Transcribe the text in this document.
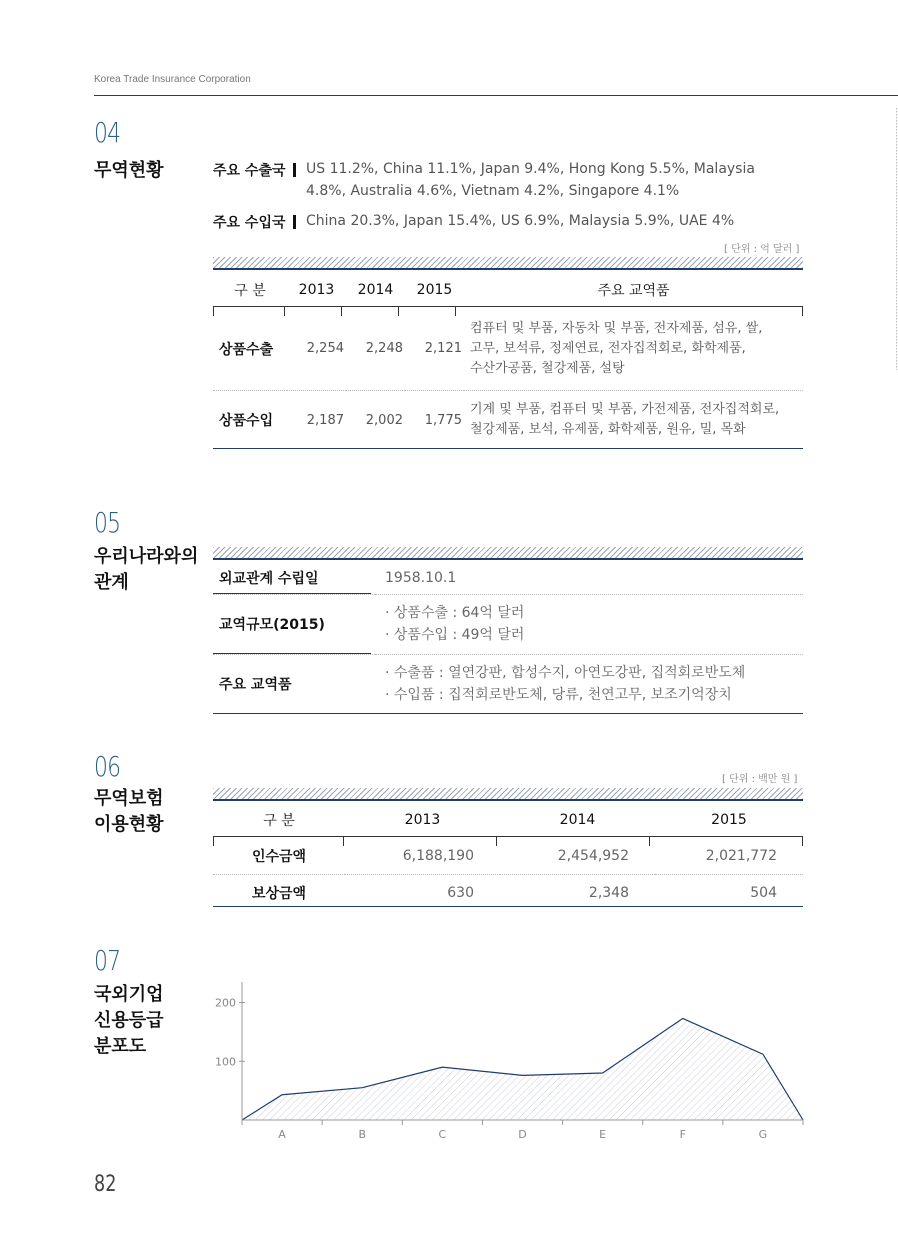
Korea Trade Insurance Corporation
04
무역현황	주요 수출국	US 11.2%, China 11.1%, Japan 9.4%, Hong Kong 5.5%, Malaysia
4.8%, Australia 4.6%, Vietnam 4.2%, Singapore 4.1%
주요 수입국	China 20.3%, Japan 15.4%, US 6.9%, Malaysia 5.9%, UAE 4%
[ 단위 : 억 달러 ]
구 분	2013	2014	2015	주요 교역품
상품수출	2,254	2,248	2,121	컴퓨터 및 부품, 자동차 및 부품, 전자제품, 섬유, 쌀,
고무, 보석류, 정제연료, 전자집적회로, 화학제품,
수산가공품, 철강제품, 설탕

상품수입	2,187	2,002	1,775	기계 및 부품, 컴퓨터 및 부품, 가전제품, 전자집적회로,
철강제품, 보석, 유제품, 화학제품, 원유, 밀, 목화
05
우리나라와의
관계	외교관계 수립일	1958.10.1
교역규모(2015)	· 상품수출 : 64억 달러
· 상품수입 : 49억 달러

주요 교역품	· 수출품 : 열연강판, 합성수지, 아연도강판, 집적회로반도체
· 수입품 : 집적회로반도체, 당류, 천연고무, 보조기억장치
06
무역보험
이용현황
[ 단위 : 백만 원 ]
구 분	2013	2014	2015
인수금액	6,188,190	2,454,952	2,021,772
보상금액	630	2,348	504
07
국외기업
신용등급
분포도
100
200
A	B	C	D	E	F	G
82
